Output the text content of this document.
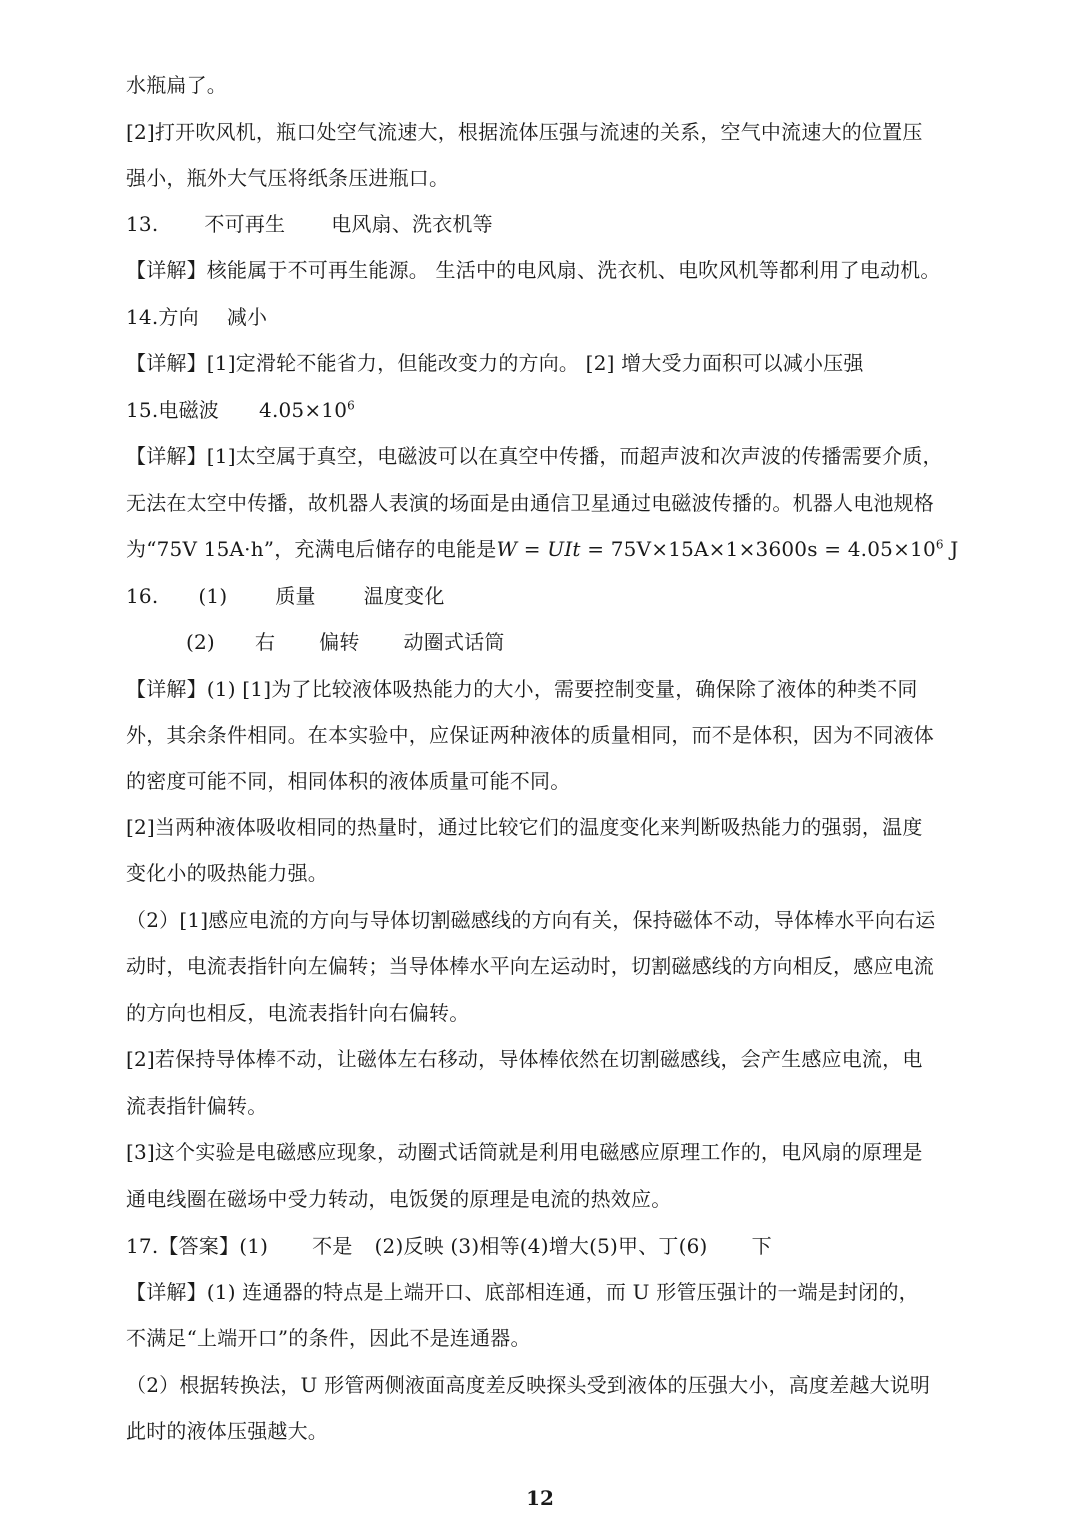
水瓶扁了。
[2]打开吹风机，瓶口处空气流速大，根据流体压强与流速的关系，空气中流速大的位置压
强小，瓶外大气压将纸条压进瓶口。
13. 不可再生 电风扇、洗衣机等
【详解】核能属于不可再生能源。 生活中的电风扇、洗衣机、电吹风机等都利用了电动机。
14.方向 减小
【详解】[1]定滑轮不能省力，但能改变力的方向。 [2] 增大受力面积可以减小压强
15.电磁波 $4.05\times 10^6$
【详解】[1]太空属于真空，电磁波可以在真空中传播，而超声波和次声波的传播需要介质，
无法在太空中传播，故机器人表演的场面是由通信卫星通过电磁波传播的。机器人电池规格
为“75V 15A·h”，充满电后储存的电能是W = UIt = $75V\times 15A\times 1\times 3600s = 4.05\times 10^6$ J
16. (1) 质量 温度变化
(2) 右 偏转 动圈式话筒
【详解】(1) [1]为了比较液体吸热能力的大小，需要控制变量，确保除了液体的种类不同
外，其余条件相同。在本实验中，应保证两种液体的质量相同，而不是体积，因为不同液体
的密度可能不同，相同体积的液体质量可能不同。
[2]当两种液体吸收相同的热量时，通过比较它们的温度变化来判断吸热能力的强弱，温度
变化小的吸热能力强。
（2）[1]感应电流的方向与导体切割磁感线的方向有关，保持磁体不动，导体棒水平向右运
动时，电流表指针向左偏转；当导体棒水平向左运动时，切割磁感线的方向相反，感应电流
的方向也相反，电流表指针向右偏转。
[2]若保持导体棒不动，让磁体左右移动，导体棒依然在切割磁感线，会产生感应电流，电
流表指针偏转。
[3]这个实验是电磁感应现象，动圈式话筒就是利用电磁感应原理工作的，电风扇的原理是
通电线圈在磁场中受力转动，电饭煲的原理是电流的热效应。
17.【答案】(1) 不是 (2)反映 (3)相等(4)增大(5)甲、丁(6) 下
【详解】(1) 连通器的特点是上端开口、底部相连通，而 U 形管压强计的一端是封闭的，
不满足“上端开口”的条件，因此不是连通器。
（2）根据转换法，U 形管两侧液面高度差反映探头受到液体的压强大小，高度差越大说明
此时的液体压强越大。
12
